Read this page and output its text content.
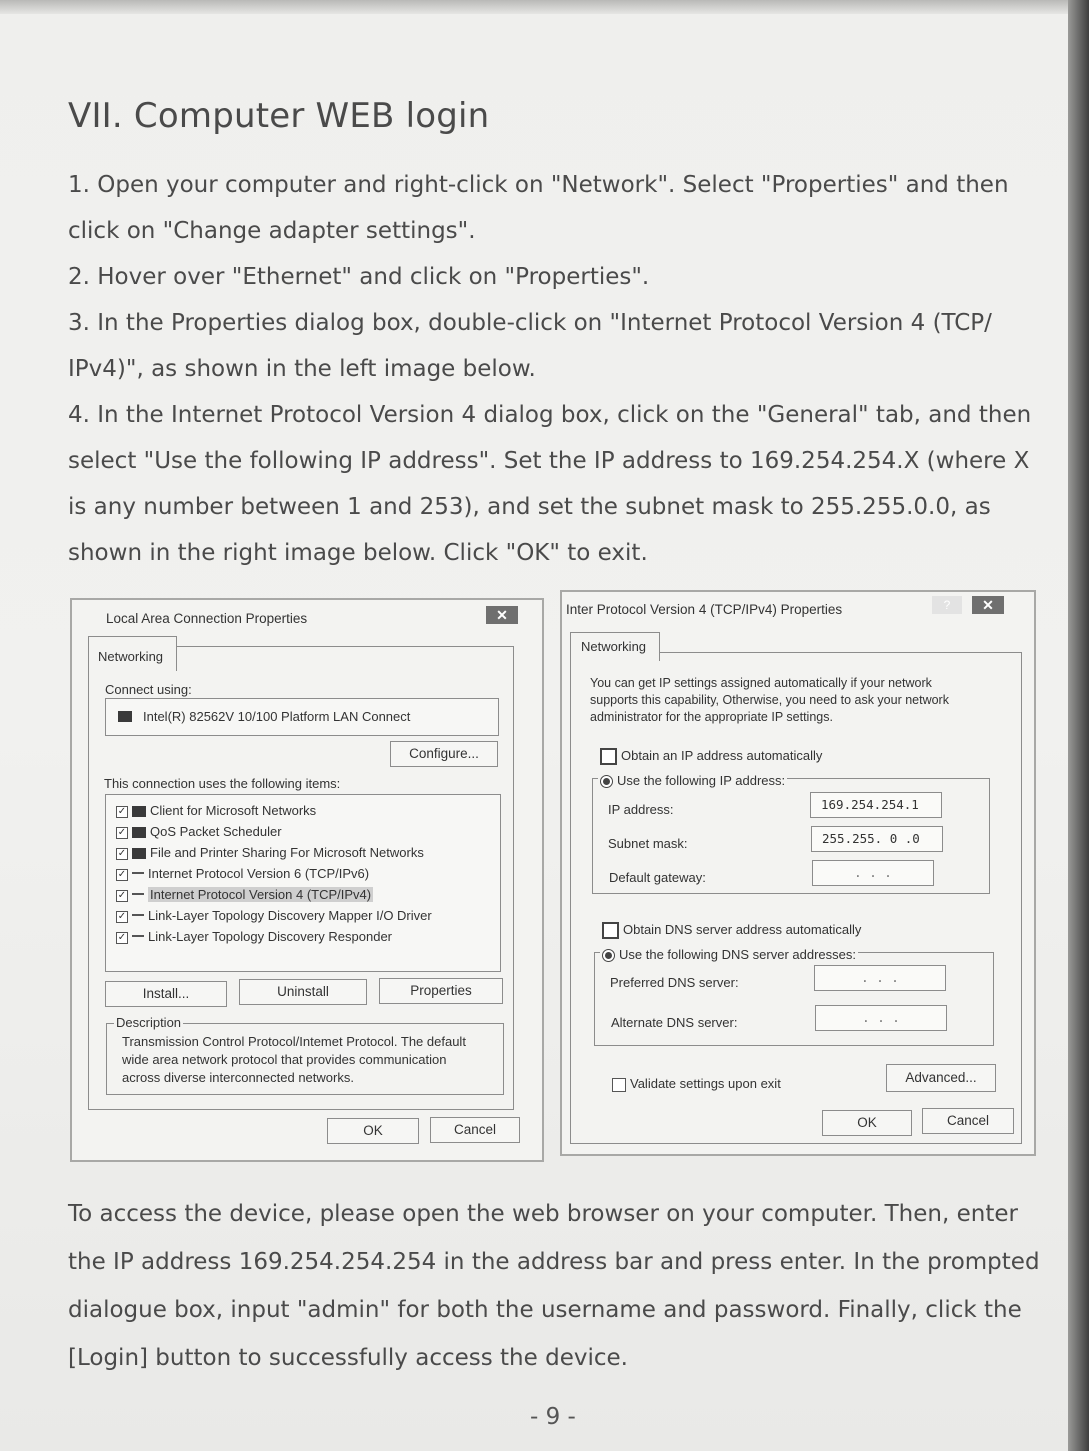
VII. Computer WEB login
1. Open your computer and right-click on "Network". Select "Properties" and then
click on "Change adapter settings".
2. Hover over "Ethernet" and click on "Properties".
3. In the Properties dialog box, double-click on "Internet Protocol Version 4 (TCP/
IPv4)", as shown in the left image below.
4. In the Internet Protocol Version 4 dialog box, click on the "General" tab, and then
select "Use the following IP address". Set the IP address to 169.254.254.X (where X
is any number between 1 and 253), and set the subnet mask to 255.255.0.0, as
shown in the right image below. Click "OK" to exit.
Local Area Connection Properties	✕
Networking
Connect using:
Intel(R) 82562V 10/100 Platform LAN Connect
Configure...
This connection uses the following items:
✓ Client for Microsoft Networks
✓ QoS Packet Scheduler
✓ File and Printer Sharing For Microsoft Networks
✓ Internet Protocol Version 6 (TCP/IPv6)
✓ Internet Protocol Version 4 (TCP/IPv4)
✓ Link-Layer Topology Discovery Mapper I/O Driver
✓ Link-Layer Topology Discovery Responder
Install...	Uninstall	Properties
Description
Transmission Control Protocol/Intemet Protocol. The default
wide area network protocol that provides communication
across diverse interconnected networks.
OK	Cancel
Inter Protocol Version 4 (TCP/IPv4) Properties	?	✕
Networking
You can get IP settings assigned automatically if your network
supports this capability, Otherwise, you need to ask your network
administrator for the appropriate IP settings.
Obtain an IP address automatically
Use the following IP address:
IP address:	169.254.254.1
Subnet mask:	255.255. 0 .0
Default gateway:	. . .
Obtain DNS server address automatically
Use the following DNS server addresses:
Preferred DNS server:	. . .
Alternate DNS server:	. . .
Validate settings upon exit	Advanced...
OK	Cancel
To access the device, please open the web browser on your computer. Then, enter
the IP address 169.254.254.254 in the address bar and press enter. In the prompted
dialogue box, input "admin" for both the username and password. Finally, click the
[Login] button to successfully access the device.
- 9 -
